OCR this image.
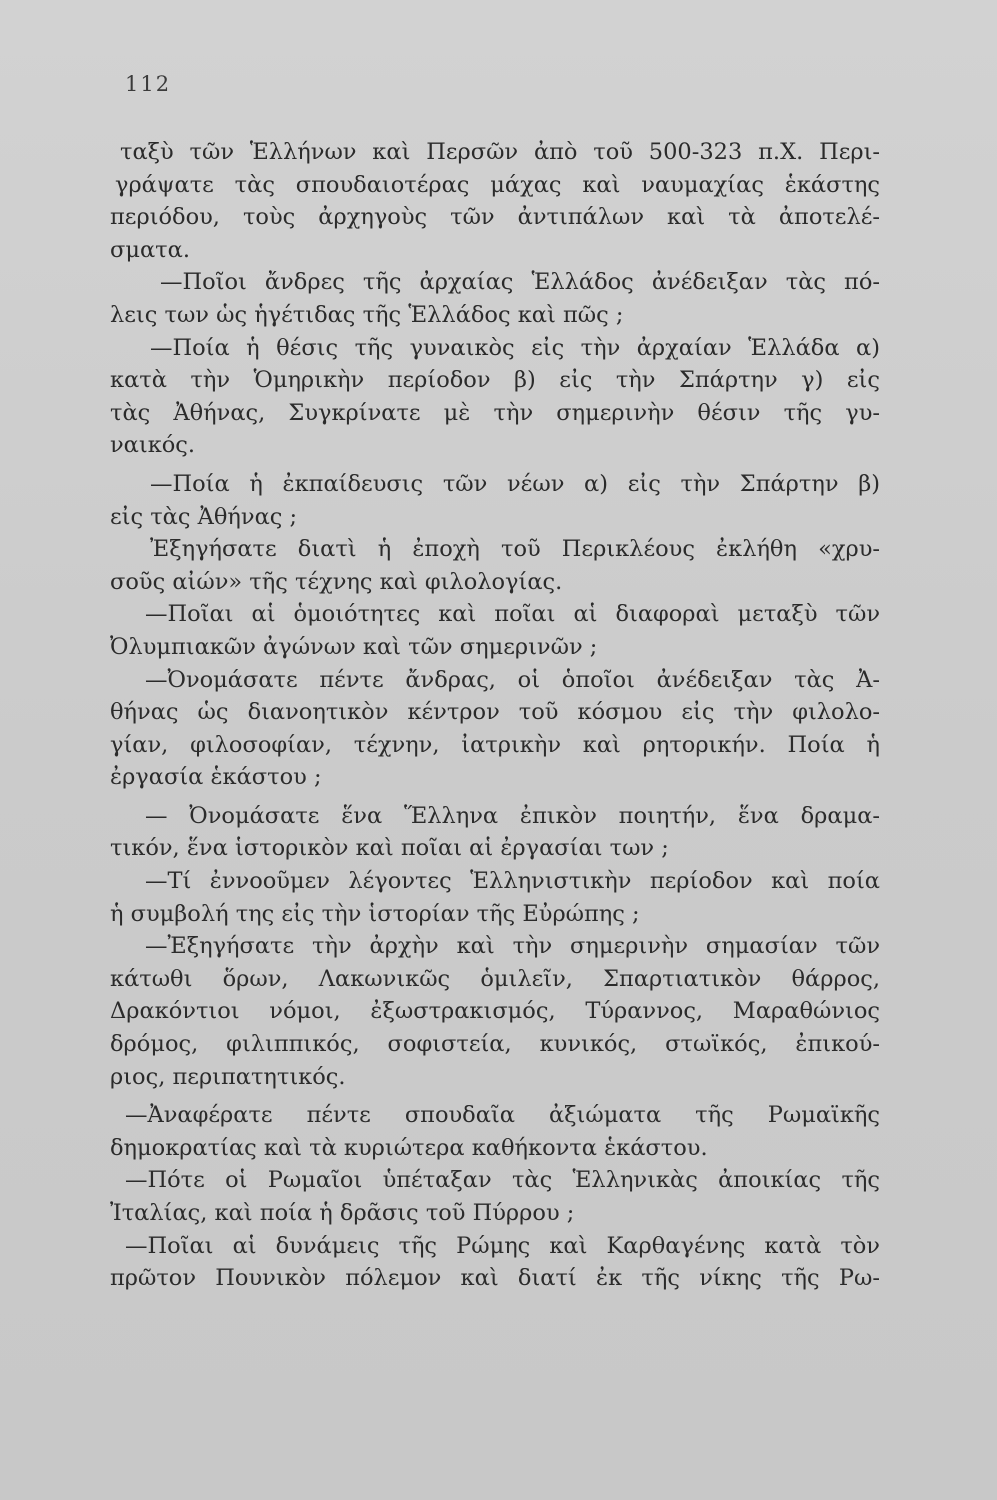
112
ταξὺ τῶν Ἑλλήνων καὶ Περσῶν ἀπὸ τοῦ 500-323 π.Χ. Περι-
γράψατε τὰς σπουδαιοτέρας μάχας καὶ ναυμαχίας ἑκάστης
περιόδου, τοὺς ἀρχηγοὺς τῶν ἀντιπάλων καὶ τὰ ἀποτελέ-
σματα.
—Ποῖοι ἄνδρες τῆς ἀρχαίας Ἑλλάδος ἀνέδειξαν τὰς πό-
λεις των ὡς ἡγέτιδας τῆς Ἑλλάδος καὶ πῶς ;
—Ποία ἡ θέσις τῆς γυναικὸς εἰς τὴν ἀρχαίαν Ἑλλάδα α)
κατὰ τὴν Ὁμηρικὴν περίοδον β) εἰς τὴν Σπάρτην γ) εἰς
τὰς Ἀθήνας, Συγκρίνατε μὲ τὴν σημερινὴν θέσιν τῆς γυ-
ναικός.
—Ποία ἡ ἐκπαίδευσις τῶν νέων α) εἰς τὴν Σπάρτην β)
εἰς τὰς Ἀθήνας ;
Ἐξηγήσατε διατὶ ἡ ἐποχὴ τοῦ Περικλέους ἐκλήθη «χρυ-
σοῦς αἰών» τῆς τέχνης καὶ φιλολογίας.
—Ποῖαι αἱ ὁμοιότητες καὶ ποῖαι αἱ διαφοραὶ μεταξὺ τῶν
Ὀλυμπιακῶν ἀγώνων καὶ τῶν σημερινῶν ;
—Ὀνομάσατε πέντε ἄνδρας, οἱ ὁποῖοι ἀνέδειξαν τὰς Ἀ-
θήνας ὡς διανοητικὸν κέντρον τοῦ κόσμου εἰς τὴν φιλολο-
γίαν, φιλοσοφίαν, τέχνην, ἰατρικὴν καὶ ρητορικήν. Ποία ἡ
ἐργασία ἑκάστου ;
— Ὀνομάσατε ἕνα Ἕλληνα ἐπικὸν ποιητήν, ἕνα δραμα-
τικόν, ἕνα ἱστορικὸν καὶ ποῖαι αἱ ἐργασίαι των ;
—Τί ἐννοοῦμεν λέγοντες Ἑλληνιστικὴν περίοδον καὶ ποία
ἡ συμβολή της εἰς τὴν ἱστορίαν τῆς Εὐρώπης ;
—Ἐξηγήσατε τὴν ἀρχὴν καὶ τὴν σημερινὴν σημασίαν τῶν
κάτωθι ὅρων, Λακωνικῶς ὁμιλεῖν, Σπαρτιατικὸν θάρρος,
Δρακόντιοι νόμοι, ἐξωστρακισμός, Τύραννος, Μαραθώνιος
δρόμος, φιλιππικός, σοφιστεία, κυνικός, στωϊκός, ἐπικού-
ριος, περιπατητικός.
—Ἀναφέρατε πέντε σπουδαῖα ἀξιώματα τῆς Ρωμαϊκῆς
δημοκρατίας καὶ τὰ κυριώτερα καθήκοντα ἑκάστου.
—Πότε οἱ Ρωμαῖοι ὑπέταξαν τὰς Ἑλληνικὰς ἀποικίας τῆς
Ἰταλίας, καὶ ποία ἡ δρᾶσις τοῦ Πύρρου ;
—Ποῖαι αἱ δυνάμεις τῆς Ρώμης καὶ Καρθαγένης κατὰ τὸν
πρῶτον Πουνικὸν πόλεμον καὶ διατί ἐκ τῆς νίκης τῆς Ρω-
